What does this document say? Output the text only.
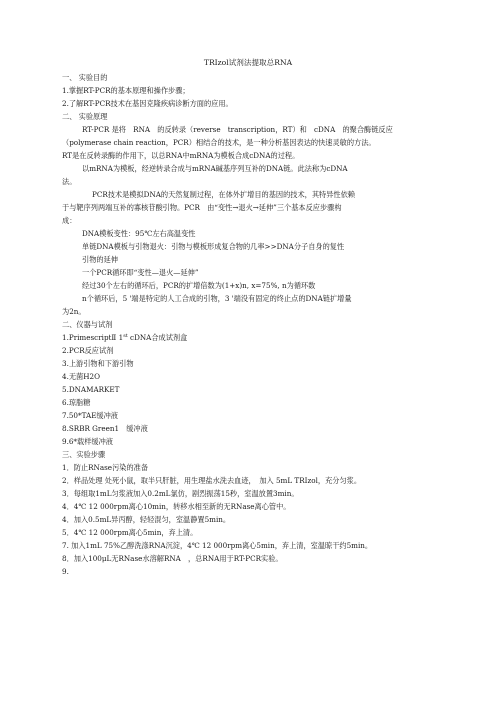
TRIzol试剂法提取总RNA
一、 实验目的
1.掌握RT-PCR的基本原理和操作步骤；
2.了解RT-PCR技术在基因克隆疾病诊断方面的应用。
二、 实验原理
RT-PCR 是将　RNA　的反转录（reverse　transcription，RT）和　cDNA　的聚合酶链反应
（polymerase chain reaction，PCR）相结合的技术，是一种分析基因表达的快速灵敏的方法。
RT是在反转录酶的作用下，以总RNA中mRNA为模板合成cDNA的过程。
以mRNA为模板，经逆转录合成与mRNA碱基序列互补的DNA链。此法称为cDNA
法。
PCR技术是模拟DNA的天然复制过程，在体外扩增目的基因的技术，其特异性依赖
于与靶序列两端互补的寡核苷酸引物。PCR　由“变性→退火→延伸”三个基本反应步骤构
成：
DNA模板变性：95℃左右高温变性
单链DNA模板与引物退火：引物与模板形成复合物的几率>>DNA分子自身的复性
引物的延伸
一个PCR循环即“变性—退火—延伸”
经过30个左右的循环后，PCR的扩增倍数为(1+x)n, x=75%, n为循环数
n个循环后，5 '端是特定的人工合成的引物，3 '端没有固定的终止点的DNA链扩增量
为2n。
二、仪器与试剂
1.PrimescriptⅡ 1st cDNA合成试剂盒
2.PCR反应试剂
3.上游引物和下游引物
4.无菌H2O
5.DNAMARKET
6.琼脂糖
7.50*TAE缓冲液
8.SRBR Green1　缓冲液
9.6*载样缓冲液
三、实验步骤
1．防止RNase污染的准备
2．样品处理 处死小鼠，取半只肝脏，用生理盐水洗去血迹，　加入 5mL TRIzol，充分匀浆。
3．每组取1mL匀浆液加入0.2mL氯仿，剧烈振荡15秒，室温放置3min。
4．4℃ 12 000rpm离心10min，转移水相至新的无RNase离心管中。
4．加入0.5mL异丙醇，轻轻混匀，室温静置5min。
5．4℃ 12 000rpm离心5min，弃上清。
7. 加入1mL 75%乙醇洗涤RNA沉淀，4℃ 12 000rpm离心5min，弃上清，室温晾干约5min。
8．加入100μL无RNase水溶解RNA　，总RNA用于RT-PCR实验。
9.
